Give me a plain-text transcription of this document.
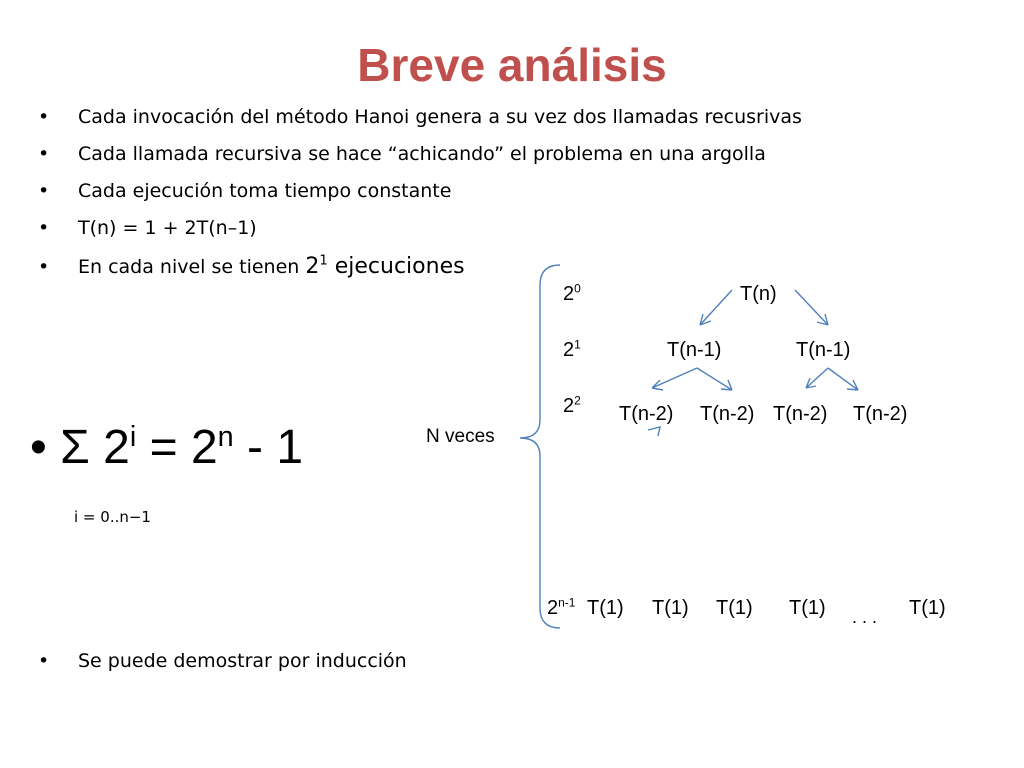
Breve análisis
• Cada invocación del método Hanoi genera a su vez dos llamadas recusrivas
• Cada llamada recursiva se hace “achicando” el problema en una argolla
• Cada ejecución toma tiempo constante
• T(n) = 1 + 2T(n–1)
• En cada nivel se tienen $2^1$ ejecuciones
• Σ $2^i = 2^n - 1$
i = 0..n−1
• Se puede demostrar por inducción
N veces
$2^0$
$2^1$
$2^2$
2$^{n-1}$
T(n)
T(n-1)	T(n-1)
T(n-2) T(n-2) T(n-2) T(n-2)
T(1) T(1) T(1) T(1) . . . T(1)
